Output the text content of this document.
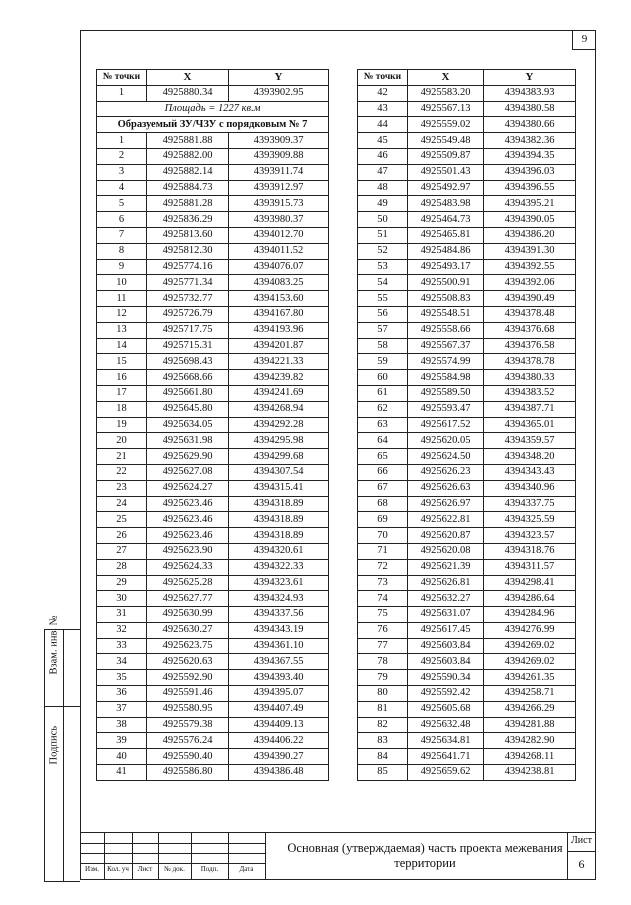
9
№ точки	X	Y
1	4925880.34	4393902.95
Площадь = 1227 кв.м		
Образуемый ЗУ/ЧЗУ с порядковым № 7		
1	4925881.88	4393909.37
2	4925882.00	4393909.88
3	4925882.14	4393911.74
4	4925884.73	4393912.97
5	4925881.28	4393915.73
6	4925836.29	4393980.37
7	4925813.60	4394012.70
8	4925812.30	4394011.52
9	4925774.16	4394076.07
10	4925771.34	4394083.25
11	4925732.77	4394153.60
12	4925726.79	4394167.80
13	4925717.75	4394193.96
14	4925715.31	4394201.87
15	4925698.43	4394221.33
16	4925668.66	4394239.82
17	4925661.80	4394241.69
18	4925645.80	4394268.94
19	4925634.05	4394292.28
20	4925631.98	4394295.98
21	4925629.90	4394299.68
22	4925627.08	4394307.54
23	4925624.27	4394315.41
24	4925623.46	4394318.89
25	4925623.46	4394318.89
26	4925623.46	4394318.89
27	4925623.90	4394320.61
28	4925624.33	4394322.33
29	4925625.28	4394323.61
30	4925627.77	4394324.93
31	4925630.99	4394337.56
32	4925630.27	4394343.19
33	4925623.75	4394361.10
34	4925620.63	4394367.55
35	4925592.90	4394393.40
36	4925591.46	4394395.07
37	4925580.95	4394407.49
38	4925579.38	4394409.13
39	4925576.24	4394406.22
40	4925590.40	4394390.27
41	4925586.80	4394386.48
№ точки	X	Y
42	4925583.20	4394383.93
43	4925567.13	4394380.58
44	4925559.02	4394380.66
45	4925549.48	4394382.36
46	4925509.87	4394394.35
47	4925501.43	4394396.03
48	4925492.97	4394396.55
49	4925483.98	4394395.21
50	4925464.73	4394390.05
51	4925465.81	4394386.20
52	4925484.86	4394391.30
53	4925493.17	4394392.55
54	4925500.91	4394392.06
55	4925508.83	4394390.49
56	4925548.51	4394378.48
57	4925558.66	4394376.68
58	4925567.37	4394376.58
59	4925574.99	4394378.78
60	4925584.98	4394380.33
61	4925589.50	4394383.52
62	4925593.47	4394387.71
63	4925617.52	4394365.01
64	4925620.05	4394359.57
65	4925624.50	4394348.20
66	4925626.23	4394343.43
67	4925626.63	4394340.96
68	4925626.97	4394337.75
69	4925622.81	4394325.59
70	4925620.87	4394323.57
71	4925620.08	4394318.76
72	4925621.39	4394311.57
73	4925626.81	4394298.41
74	4925632.27	4394286.64
75	4925631.07	4394284.96
76	4925617.45	4394276.99
77	4925603.84	4394269.02
78	4925603.84	4394269.02
79	4925590.34	4394261.35
80	4925592.42	4394258.71
81	4925605.68	4394266.29
82	4925632.48	4394281.88
83	4925634.81	4394282.90
84	4925641.71	4394268.11
85	4925659.62	4394238.81
Взам. инв. №
Подпись
Изм.	Кол. уч	Лист	№ док.	Подп.	Дата
Основная (утверждаемая) часть проекта межевания
территории
Лист
6
